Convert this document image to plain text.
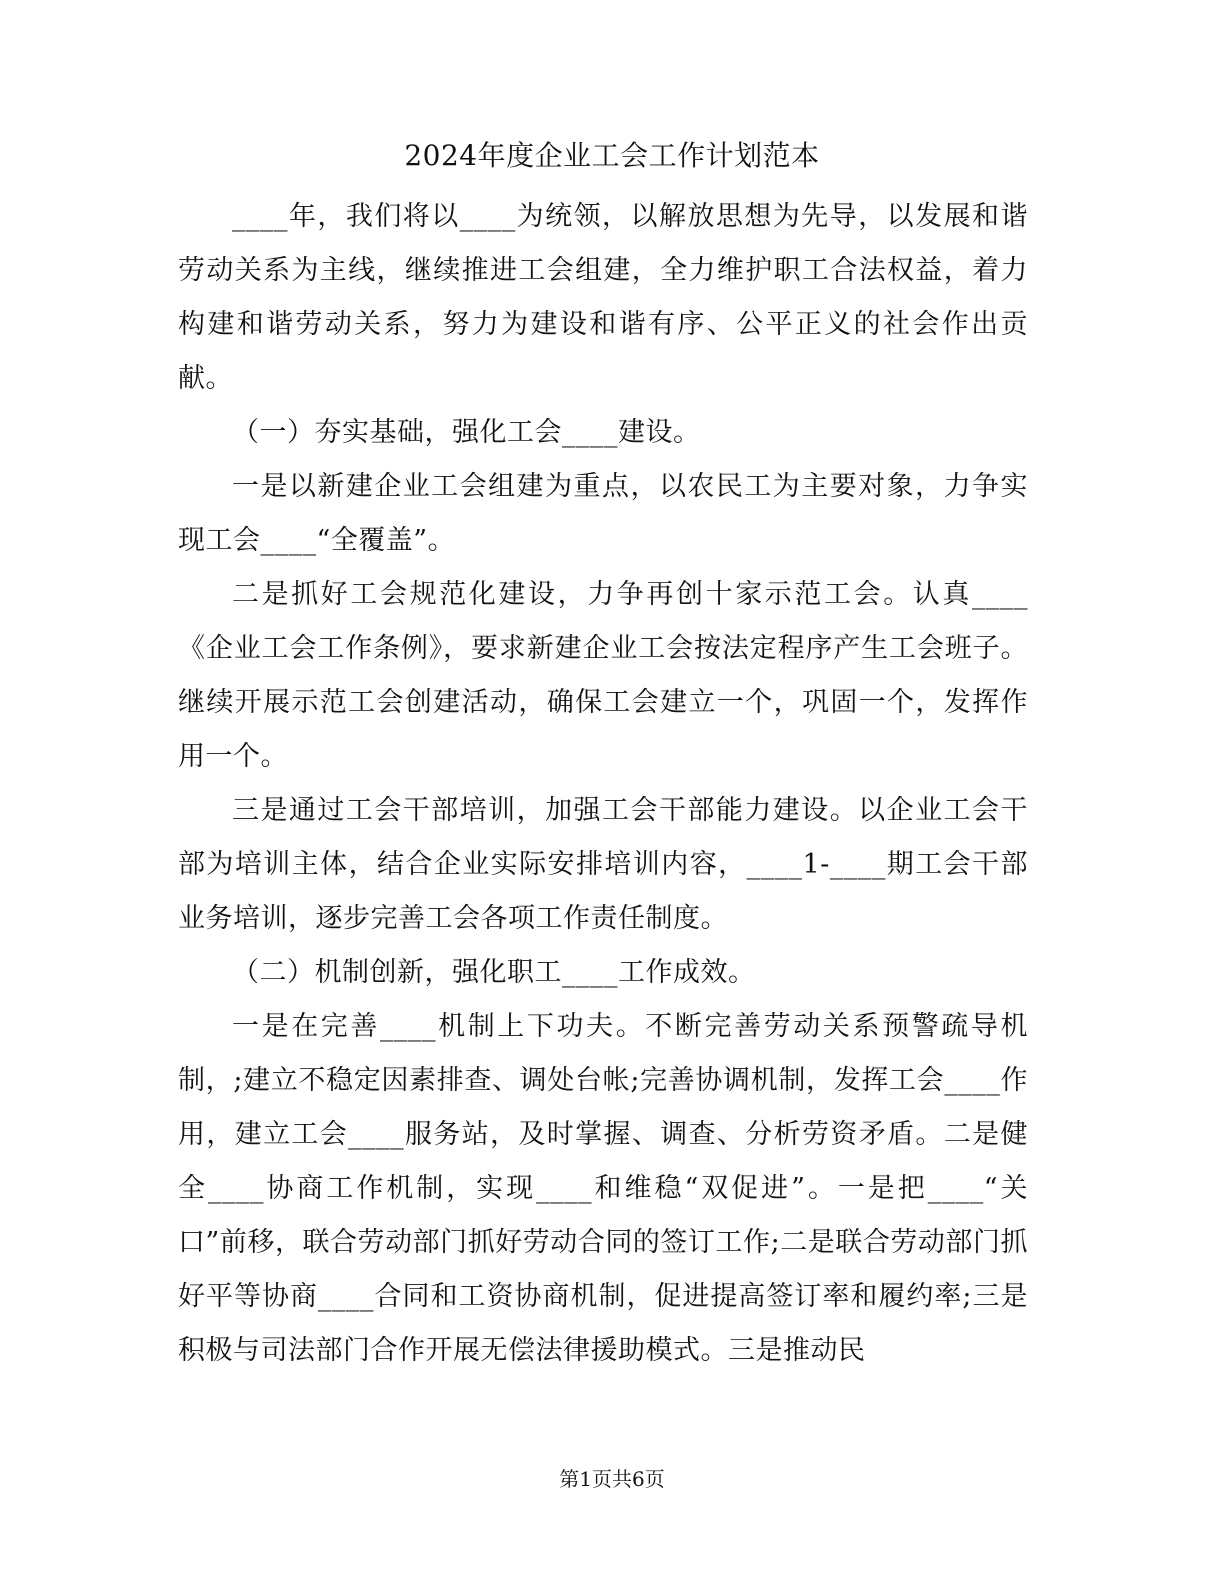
2024年度企业工会工作计划范本

____年，我们将以____为统领，以解放思想为先导，以发展和谐劳动关系为主线，继续推进工会组建，全力维护职工合法权益，着力构建和谐劳动关系，努力为建设和谐有序、公平正义的社会作出贡献。

（一）夯实基础，强化工会____建设。

一是以新建企业工会组建为重点，以农民工为主要对象，力争实现工会____“全覆盖”。

二是抓好工会规范化建设，力争再创十家示范工会。认真____《企业工会工作条例》，要求新建企业工会按法定程序产生工会班子。继续开展示范工会创建活动，确保工会建立一个，巩固一个，发挥作用一个。

三是通过工会干部培训，加强工会干部能力建设。以企业工会干部为培训主体，结合企业实际安排培训内容，____1-____期工会干部业务培训，逐步完善工会各项工作责任制度。

（二）机制创新，强化职工____工作成效。

一是在完善____机制上下功夫。不断完善劳动关系预警疏导机制，;建立不稳定因素排查、调处台帐;完善协调机制，发挥工会____作用，建立工会____服务站，及时掌握、调查、分析劳资矛盾。二是健全____协商工作机制，实现____和维稳“双促进”。一是把____“关口”前移，联合劳动部门抓好劳动合同的签订工作;二是联合劳动部门抓好平等协商____合同和工资协商机制，促进提高签订率和履约率;三是积极与司法部门合作开展无偿法律援助模式。三是推动民

第1页共6页
